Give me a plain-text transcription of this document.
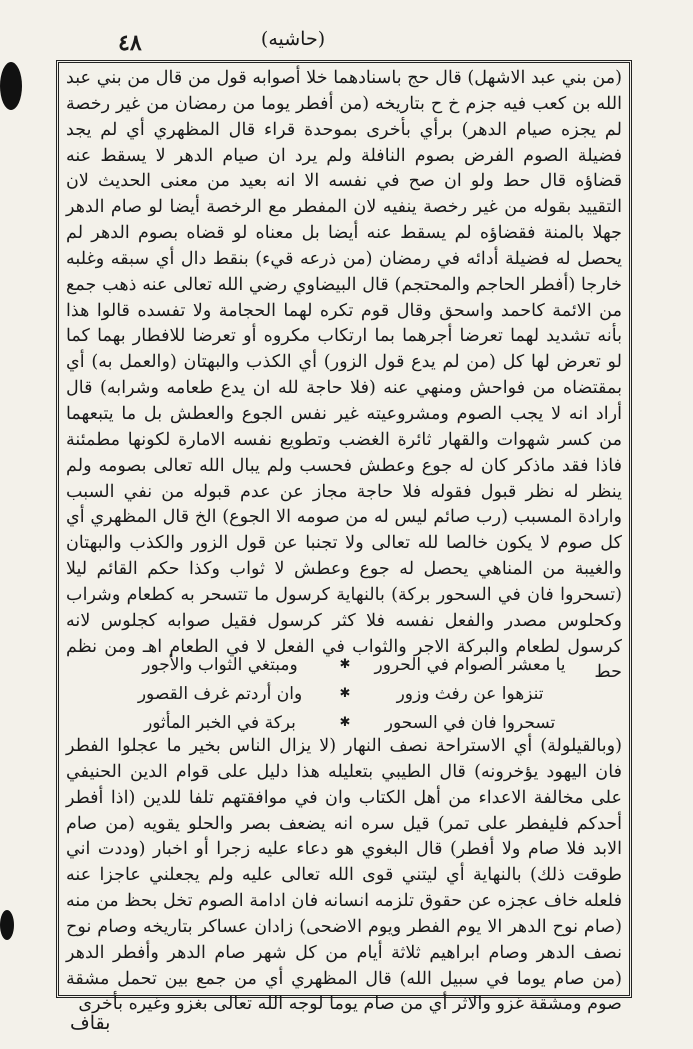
٤٨	(حاشيه)

(من بني عبد الاشهل) قال حج باسنادهما خلا أصوابه قول من قال من بني عبد الله بن كعب فيه جزم خ ح بتاريخه (من أفطر يوما من رمضان من غير رخصة لم يجزه صيام الدهر) برأي بأخرى بموحدة قراء قال المظهري أي لم يجد فضيلة الصوم الفرض بصوم النافلة ولم يرد ان صيام الدهر لا يسقط عنه قضاؤه قال حط ولو ان صح في نفسه الا انه بعيد من معنى الحديث لان التقييد بقوله من غير رخصة ينفيه لان المفطر مع الرخصة أيضا لو صام الدهر جهلا بالمنة فقضاؤه لم يسقط عنه أيضا بل معناه لو قضاه بصوم الدهر لم يحصل له فضيلة أدائه في رمضان (من ذرعه قيء) بنقط دال أي سبقه وغلبه خارجا (أفطر الحاجم والمحتجم) قال البيضاوي رضي الله تعالى عنه ذهب جمع من الائمة كاحمد واسحق وقال قوم تكره لهما الحجامة ولا تفسده قالوا هذا بأنه تشديد لهما تعرضا أجرهما بما ارتكاب مكروه أو تعرضا للافطار بهما كما لو تعرض لها كل (من لم يدع قول الزور) أي الكذب والبهتان (والعمل به) أي بمقتضاه من فواحش ومنهي عنه (فلا حاجة لله ان يدع طعامه وشرابه) قال أراد انه لا يجب الصوم ومشروعيته غير نفس الجوع والعطش بل ما يتبعهما من كسر شهوات والقهار ثائرة الغضب وتطويع نفسه الامارة لكونها مطمئنة فاذا فقد ماذكر كان له جوع وعطش فحسب ولم يبال الله تعالى بصومه ولم ينظر له نظر قبول فقوله فلا حاجة مجاز عن عدم قبوله من نفي السبب وارادة المسبب (رب صائم ليس له من صومه الا الجوع) الخ قال المظهري أي كل صوم لا يكون خالصا لله تعالى ولا تجنبا عن قول الزور والكذب والبهتان والغيبة من المناهي يحصل له جوع وعطش لا ثواب وكذا حكم القائم ليلا (تسحروا فان في السحور بركة) بالنهاية كرسول ما تتسحر به كطعام وشراب وكحلوس مصدر والفعل نفسه فلا كثر كرسول فقيل صوابه كجلوس لانه كرسول لطعام والبركة الاجر والثواب في الفعل لا في الطعام اهـ ومن نظم حط

يا معشر الصوام في الحرور
✱
ومبتغي الثواب والأجور
تنزهوا عن رفث وزور
✱
وان أردتم غرف القصور
تسحروا فان في السحور
✱
بركة في الخبر المأثور

(وبالقيلولة) أي الاستراحة نصف النهار (لا يزال الناس بخير ما عجلوا الفطر فان اليهود يؤخرونه) قال الطيبي بتعليله هذا دليل على قوام الدين الحنيفي على مخالفة الاعداء من أهل الكتاب وان في موافقتهم تلفا للدين (اذا أفطر أحدكم فليفطر على تمر) قيل سره انه يضعف بصر والحلو يقويه (من صام الابد فلا صام ولا أفطر) قال البغوي هو دعاء عليه زجرا أو اخبار (وددت اني طوقت ذلك) بالنهاية أي ليتني قوى الله تعالى عليه ولم يجعلني عاجزا عنه فلعله خاف عجزه عن حقوق تلزمه انسانه فان ادامة الصوم تخل بحظ من منه (صام نوح الدهر الا يوم الفطر ويوم الاضحى) زادان عساكر بتاريخه وصام نوح نصف الدهر وصام ابراهيم ثلاثة أيام من كل شهر صام الدهر وأفطر الدهر (من صام يوما في سبيل الله) قال المظهري أي من جمع بين تحمل مشقة صوم ومشقة غزو والاثر أي من صام يوما لوجه الله تعالى بغزو وغيره بأخرى

بقاف
